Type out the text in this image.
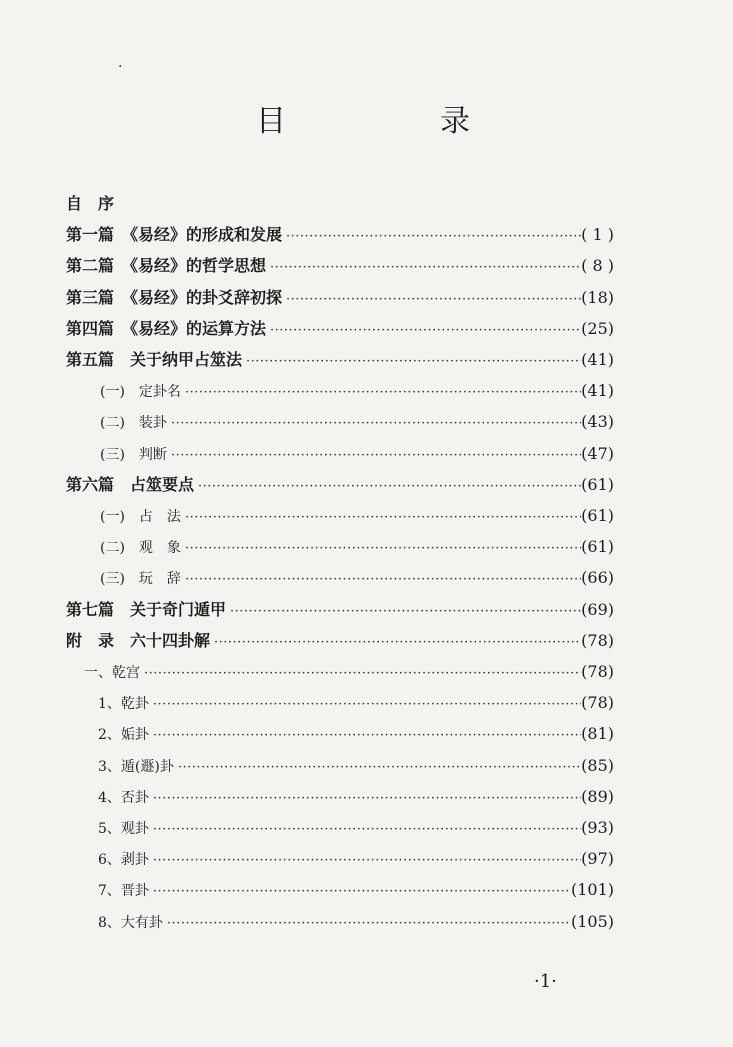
.
目　录
自　序
第一篇　《易经》的形成和发展 ·····	( 1 )
第二篇　《易经》的哲学思想 ·····	( 8 )
第三篇　《易经》的卦爻辞初探 ·····	(18)
第四篇　《易经》的运算方法 ·····	(25)
第五篇　关于纳甲占筮法 ·····	(41)
(一)　定卦名 ·····	(41)
(二)　装卦 ·····	(43)
(三)　判断 ·····	(47)
第六篇　占筮要点 ·····	(61)
(一)　占　法 ·····	(61)
(二)　观　象 ·····	(61)
(三)　玩　辞 ·····	(66)
第七篇　关于奇门遁甲 ·····	(69)
附　录　六十四卦解 ·····	(78)
一、乾宫 ·····	(78)
1、乾卦 ·····	(78)
2、姤卦 ·····	(81)
3、遁(遯)卦 ·····	(85)
4、否卦 ·····	(89)
5、观卦 ·····	(93)
6、剥卦 ·····	(97)
7、晋卦 ·····	(101)
8、大有卦 ·····	(105)
·1·
